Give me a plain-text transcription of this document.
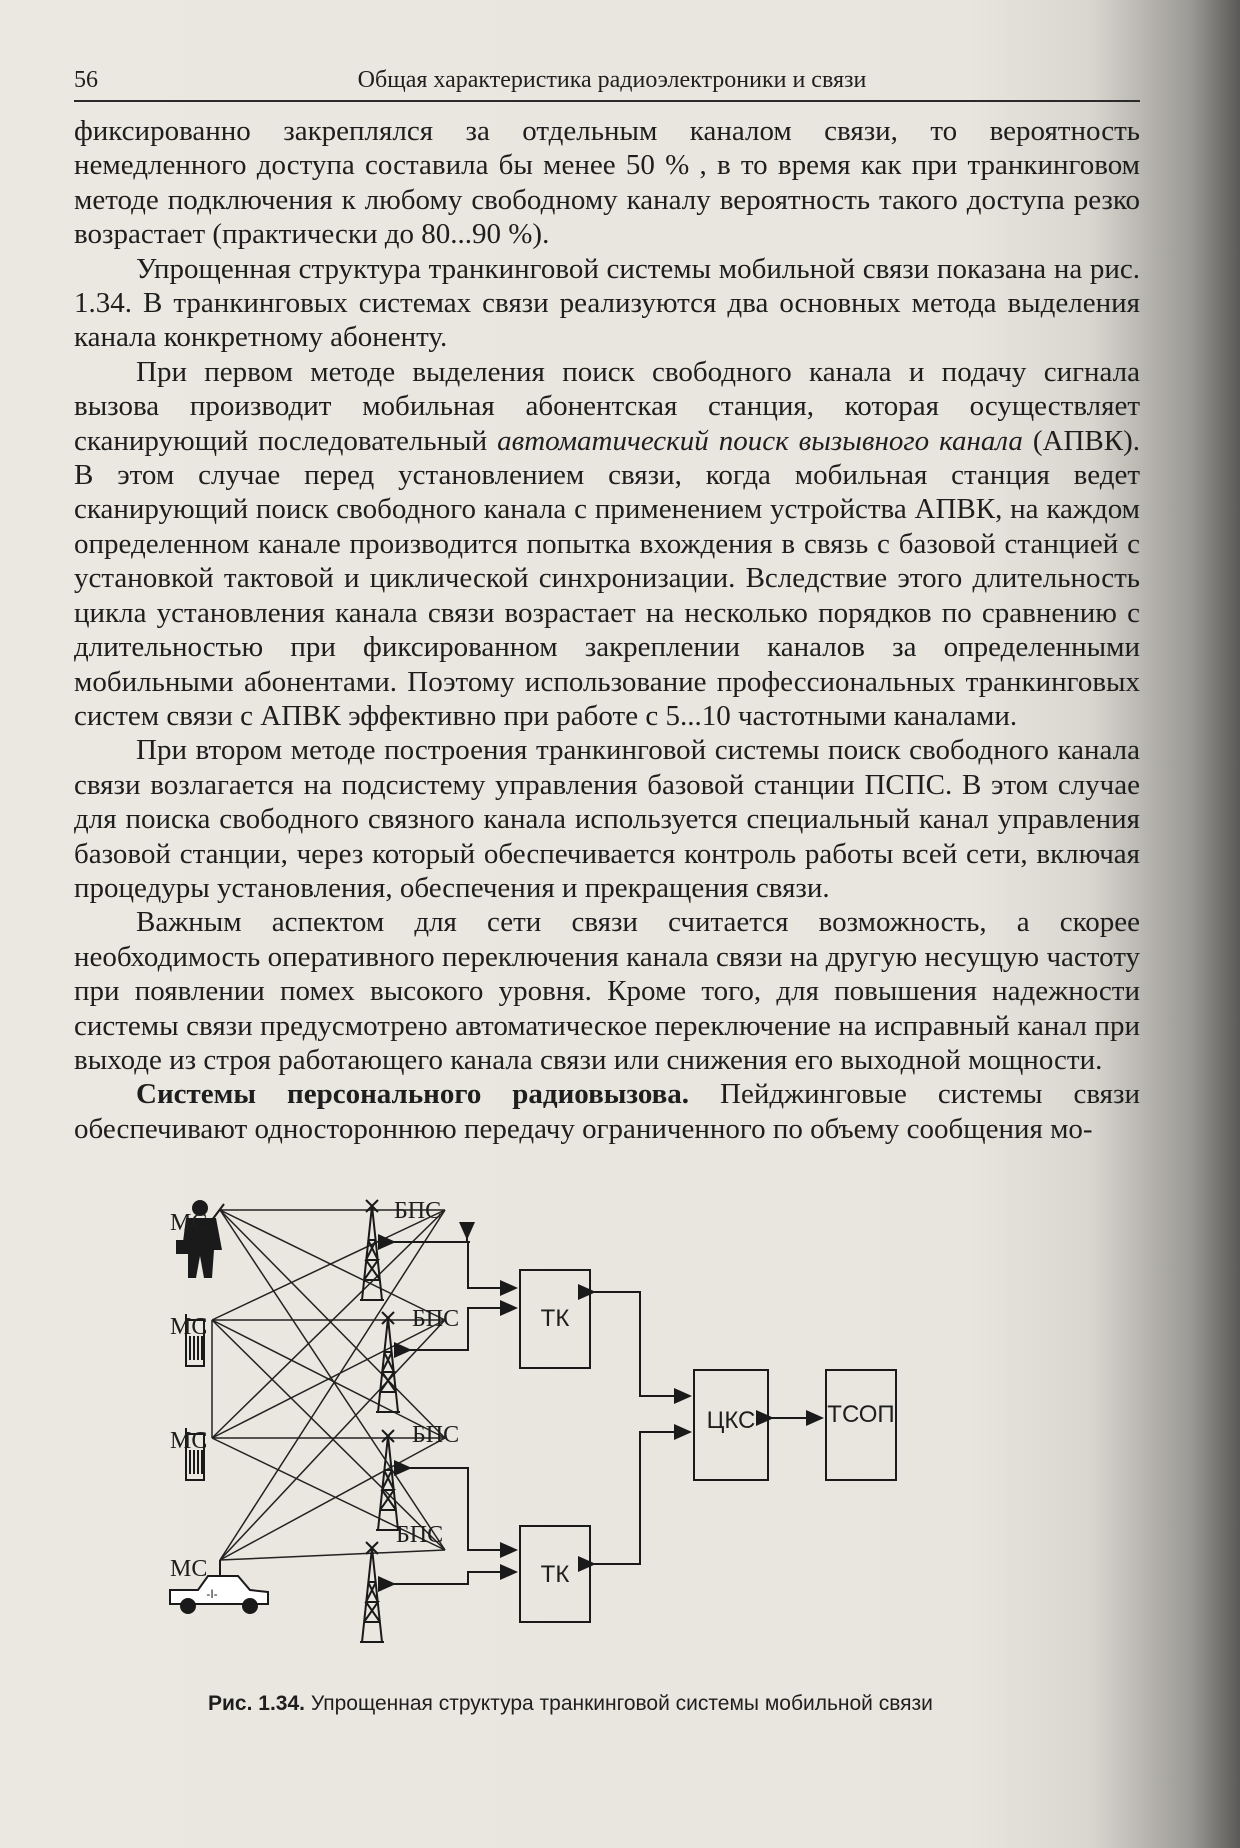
56	Общая характеристика радиоэлектроники и связи

фиксированно закреплялся за отдельным каналом связи, то вероятность немедленного доступа составила бы менее 50 % , в то время как при транкинговом методе подключения к любому свободному каналу вероятность такого доступа резко возрастает (практически до 80...90 %).

Упрощенная структура транкинговой системы мобильной связи показана на рис. 1.34. В транкинговых системах связи реализуются два основных метода выделения канала конкретному абоненту.

При первом методе выделения поиск свободного канала и подачу сигнала вызова производит мобильная абонентская станция, которая осуществляет сканирующий последовательный автоматический поиск вызывного канала (АПВК). В этом случае перед установлением связи, когда мобильная станция ведет сканирующий поиск свободного канала с применением устройства АПВК, на каждом определенном канале производится попытка вхождения в связь с базовой станцией с установкой тактовой и циклической синхронизации. Вследствие этого длительность цикла установления канала связи возрастает на несколько порядков по сравнению с длительностью при фиксированном закреплении каналов за определенными мобильными абонентами. Поэтому использование профессиональных транкинговых систем связи с АПВК эффективно при работе с 5...10 частотными каналами.

При втором методе построения транкинговой системы поиск свободного канала связи возлагается на подсистему управления базовой станции ПСПС. В этом случае для поиска свободного связного канала используется специальный канал управления базовой станции, через который обеспечивается контроль работы всей сети, включая процедуры установления, обеспечения и прекращения связи.

Важным аспектом для сети связи считается возможность, а скорее необходимость оперативного переключения канала связи на другую несущую частоту при появлении помех высокого уровня. Кроме того, для повышения надежности системы связи предусмотрено автоматическое переключение на исправный канал при выходе из строя работающего канала связи или снижения его выходной мощности.

Системы персонального радиовызова. Пейджинговые системы связи обеспечивают одностороннюю передачу ограниченного по объему сообщения мо-

-I-
МС
МС
МС
МС
БПС
БПС
БПС
БПС
ТК
ТК
ЦКС	ТСОП
Рис. 1.34. Упрощенная структура транкинговой системы мобильной связи
